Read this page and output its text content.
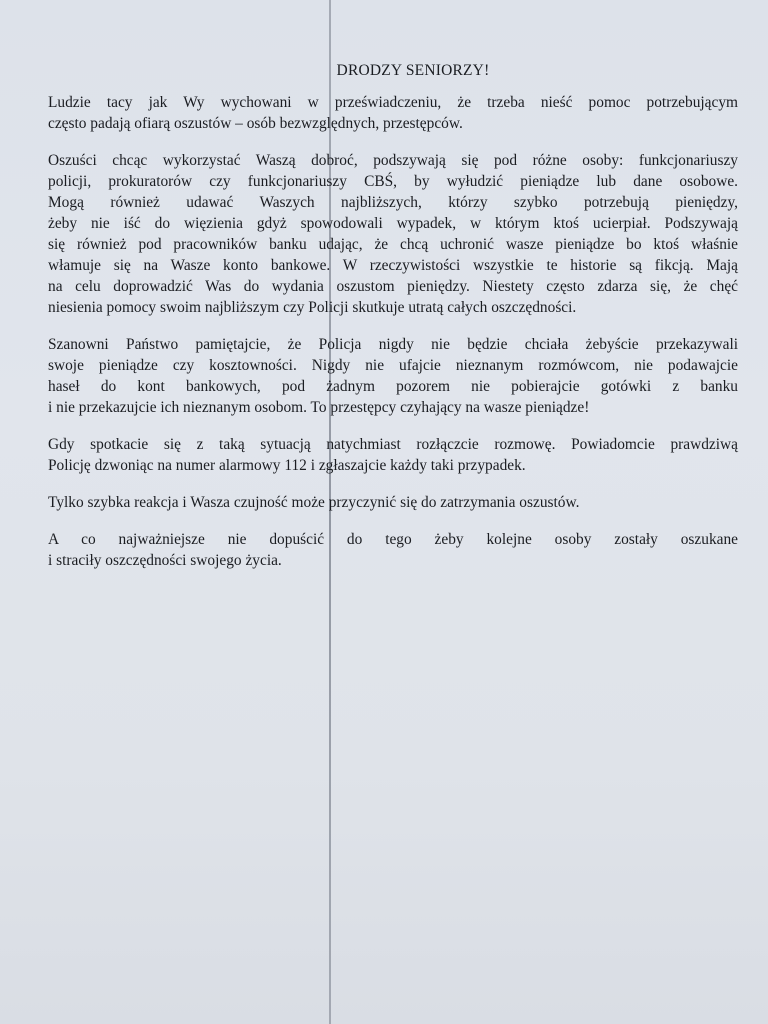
DRODZY SENIORZY!
Ludzie tacy jak Wy wychowani w przeświadczeniu, że trzeba nieść pomoc potrzebującym
często padają ofiarą oszustów – osób bezwzględnych, przestępców.
Oszuści chcąc wykorzystać Waszą dobroć, podszywają się pod różne osoby: funkcjonariuszy
policji, prokuratorów czy funkcjonariuszy CBŚ, by wyłudzić pieniądze lub dane osobowe.
Mogą również udawać Waszych najbliższych, którzy szybko potrzebują pieniędzy,
żeby nie iść do więzienia gdyż spowodowali wypadek, w którym ktoś ucierpiał. Podszywają
się również pod pracowników banku udając, że chcą uchronić wasze pieniądze bo ktoś właśnie
włamuje się na Wasze konto bankowe. W rzeczywistości wszystkie te historie są fikcją. Mają
na celu doprowadzić Was do wydania oszustom pieniędzy. Niestety często zdarza się, że chęć
niesienia pomocy swoim najbliższym czy Policji skutkuje utratą całych oszczędności.
Szanowni Państwo pamiętajcie, że Policja nigdy nie będzie chciała żebyście przekazywali
swoje pieniądze czy kosztowności. Nigdy nie ufajcie nieznanym rozmówcom, nie podawajcie
haseł do kont bankowych, pod żadnym pozorem nie pobierajcie gotówki z banku
i nie przekazujcie ich nieznanym osobom. To przestępcy czyhający na wasze pieniądze!
Gdy spotkacie się z taką sytuacją natychmiast rozłączcie rozmowę. Powiadomcie prawdziwą
Policję dzwoniąc na numer alarmowy 112 i zgłaszajcie każdy taki przypadek.
Tylko szybka reakcja i Wasza czujność może przyczynić się do zatrzymania oszustów.
A co najważniejsze nie dopuścić do tego żeby kolejne osoby zostały oszukane
i straciły oszczędności swojego życia.
